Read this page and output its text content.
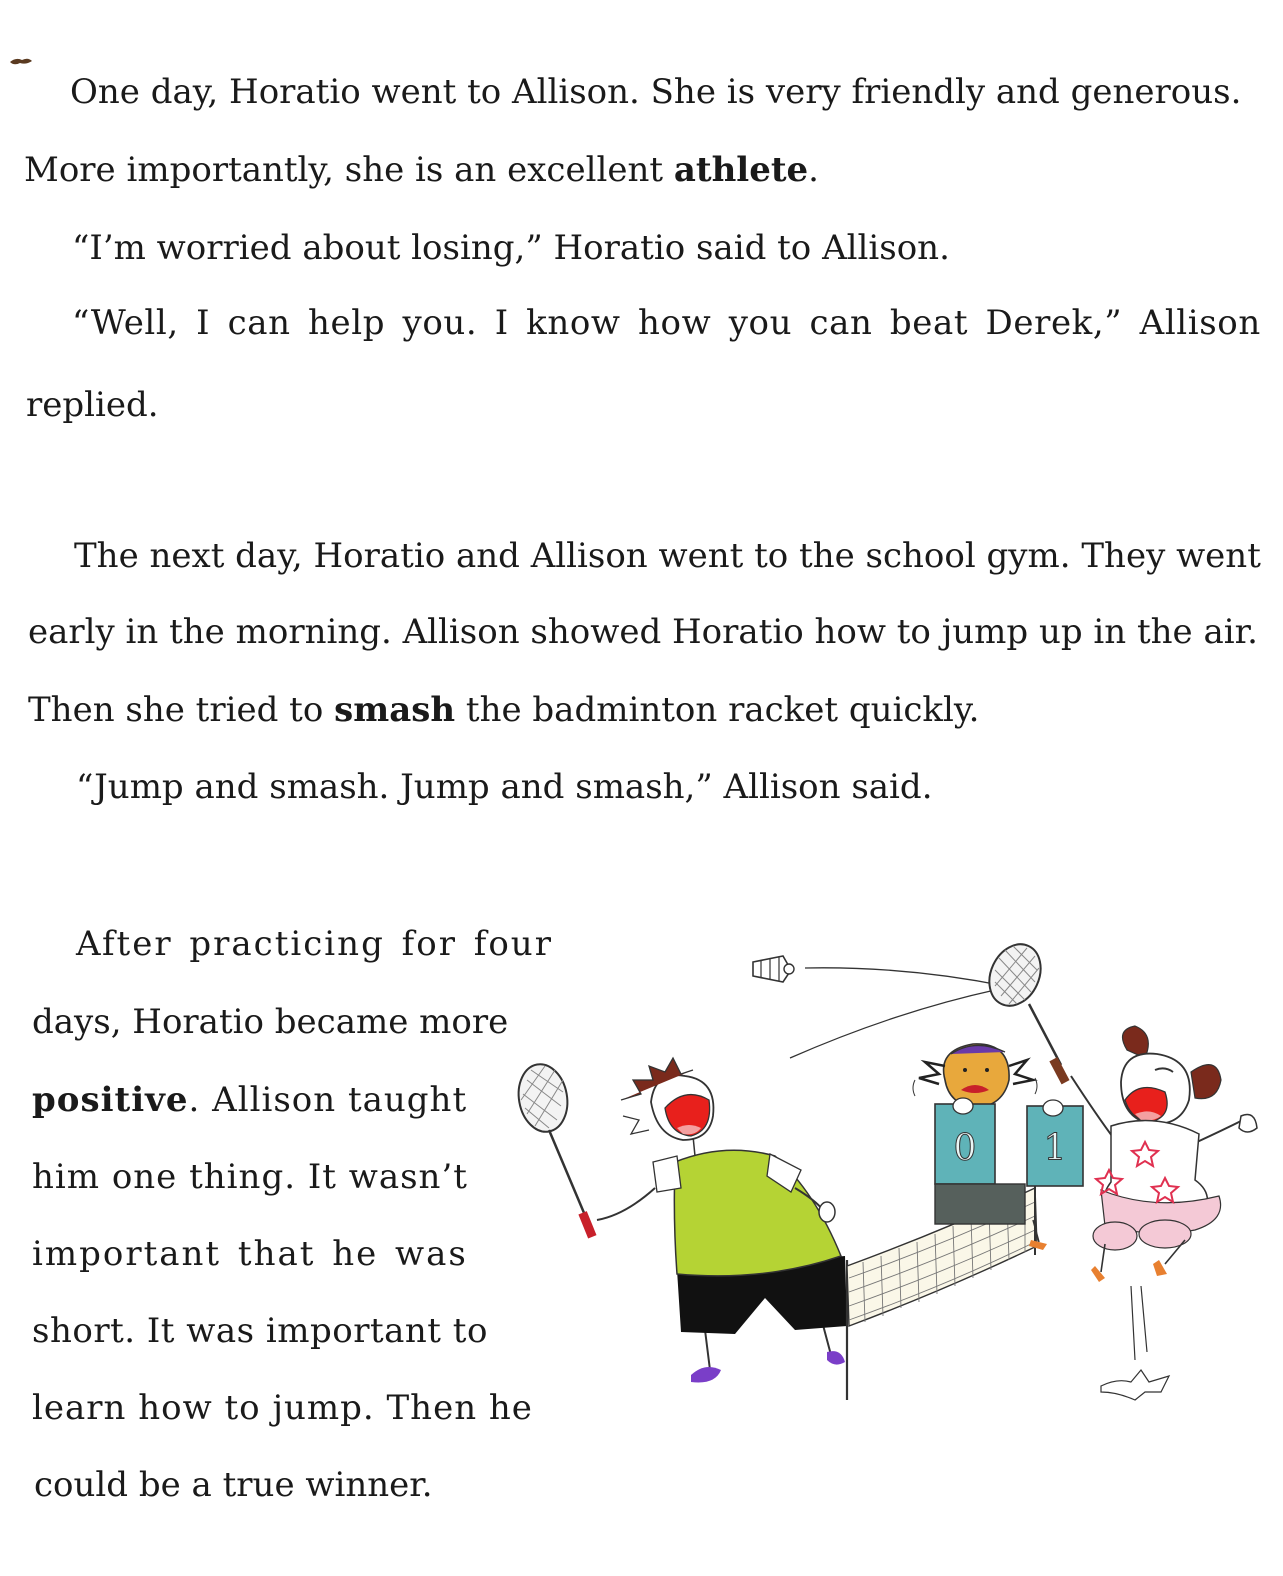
One day, Horatio went to Allison. She is very friendly and generous.
More importantly, she is an excellent athlete.
“I’m worried about losing,” Horatio said to Allison.
“Well, I can help you. I know how you can beat Derek,” Allison
replied.
The next day, Horatio and Allison went to the school gym. They went
early in the morning. Allison showed Horatio how to jump up in the air.
Then she tried to smash the badminton racket quickly.
“Jump and smash. Jump and smash,” Allison said.
After practicing for four
days, Horatio became more
positive. Allison taught
him one thing. It wasn’t
important that he was
short. It was important to
learn how to jump. Then he
could be a true winner.
0 1
